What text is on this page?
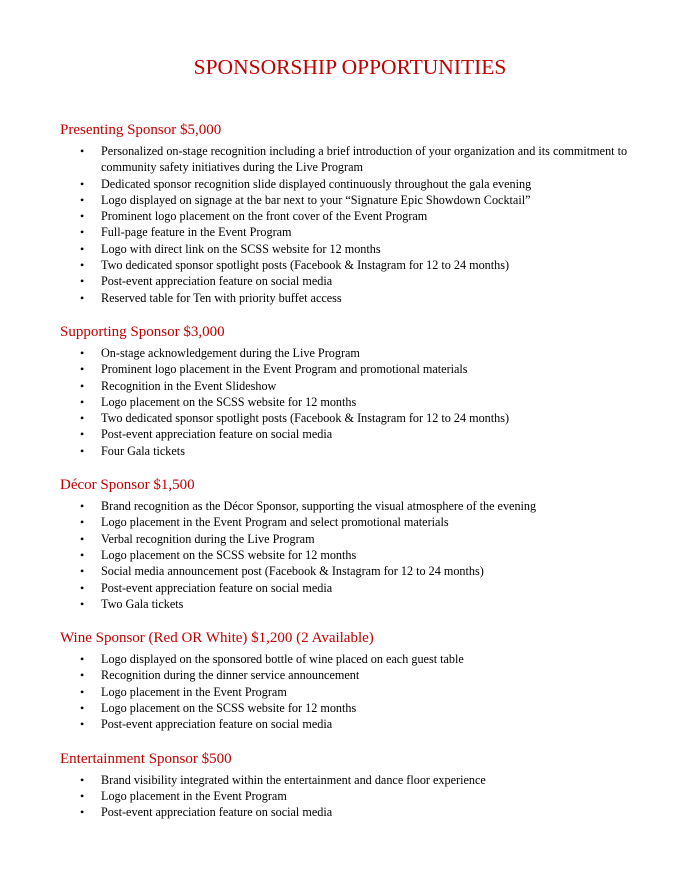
SPONSORSHIP OPPORTUNITIES
Presenting Sponsor $5,000
• Personalized on-stage recognition including a brief introduction of your organization and its commitment to community safety initiatives during the Live Program
• Dedicated sponsor recognition slide displayed continuously throughout the gala evening
• Logo displayed on signage at the bar next to your “Signature Epic Showdown Cocktail”
• Prominent logo placement on the front cover of the Event Program
• Full-page feature in the Event Program
• Logo with direct link on the SCSS website for 12 months
• Two dedicated sponsor spotlight posts (Facebook & Instagram for 12 to 24 months)
• Post-event appreciation feature on social media
• Reserved table for Ten with priority buffet access
Supporting Sponsor $3,000
• On-stage acknowledgement during the Live Program
• Prominent logo placement in the Event Program and promotional materials
• Recognition in the Event Slideshow
• Logo placement on the SCSS website for 12 months
• Two dedicated sponsor spotlight posts (Facebook & Instagram for 12 to 24 months)
• Post-event appreciation feature on social media
• Four Gala tickets
Décor Sponsor $1,500
• Brand recognition as the Décor Sponsor, supporting the visual atmosphere of the evening
• Logo placement in the Event Program and select promotional materials
• Verbal recognition during the Live Program
• Logo placement on the SCSS website for 12 months
• Social media announcement post (Facebook & Instagram for 12 to 24 months)
• Post-event appreciation feature on social media
• Two Gala tickets
Wine Sponsor (Red OR White) $1,200 (2 Available)
• Logo displayed on the sponsored bottle of wine placed on each guest table
• Recognition during the dinner service announcement
• Logo placement in the Event Program
• Logo placement on the SCSS website for 12 months
• Post-event appreciation feature on social media
Entertainment Sponsor $500
• Brand visibility integrated within the entertainment and dance floor experience
• Logo placement in the Event Program
• Post-event appreciation feature on social media
